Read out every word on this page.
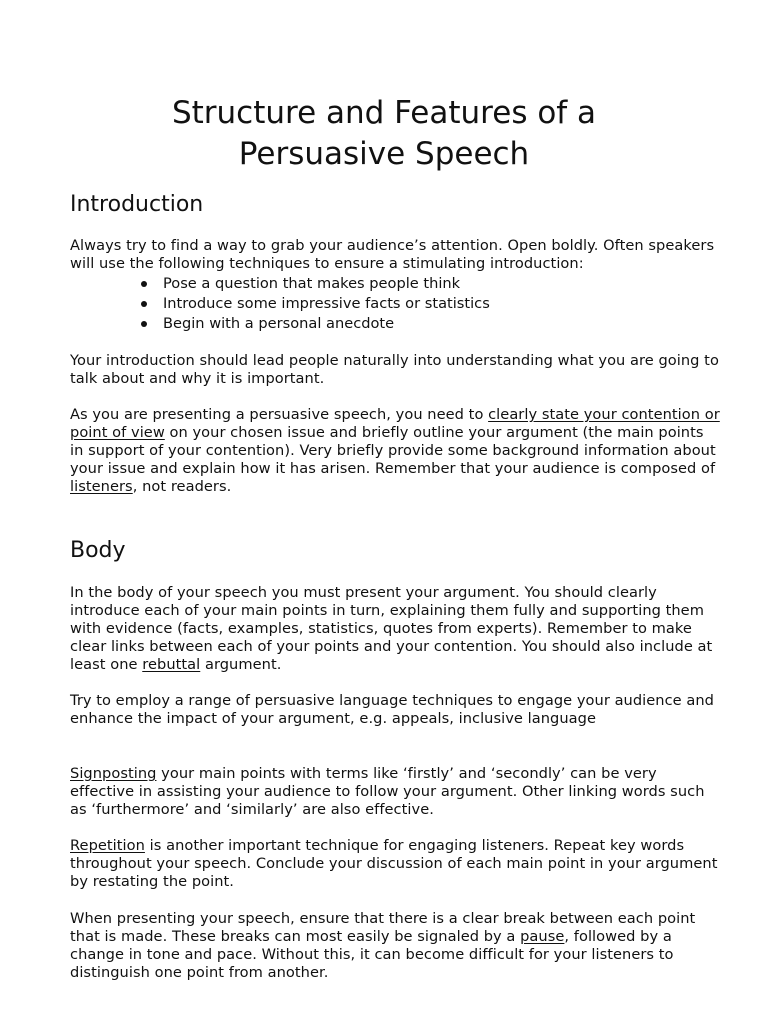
Structure and Features of a
Persuasive Speech
Introduction

Always try to find a way to grab your audience’s attention. Open boldly. Often speakers will use the following techniques to ensure a stimulating introduction:

Pose a question that makes people think
Introduce some impressive facts or statistics
Begin with a personal anecdote

Your introduction should lead people naturally into understanding what you are going to talk about and why it is important.

As you are presenting a persuasive speech, you need to clearly state your contention or point of view on your chosen issue and briefly outline your argument (the main points in support of your contention). Very briefly provide some background information about your issue and explain how it has arisen. Remember that your audience is composed of listeners, not readers.

Body

In the body of your speech you must present your argument. You should clearly introduce each of your main points in turn, explaining them fully and supporting them with evidence (facts, examples, statistics, quotes from experts). Remember to make clear links between each of your points and your contention. You should also include at least one rebuttal argument.

Try to employ a range of persuasive language techniques to engage your audience and enhance the impact of your argument, e.g. appeals, inclusive language

Signposting your main points with terms like ‘firstly’ and ‘secondly’ can be very effective in assisting your audience to follow your argument. Other linking words such as ‘furthermore’ and ‘similarly’ are also effective.

Repetition is another important technique for engaging listeners. Repeat key words throughout your speech. Conclude your discussion of each main point in your argument by restating the point.

When presenting your speech, ensure that there is a clear break between each point that is made. These breaks can most easily be signaled by a pause, followed by a change in tone and pace. Without this, it can become difficult for your listeners to distinguish one point from another.
